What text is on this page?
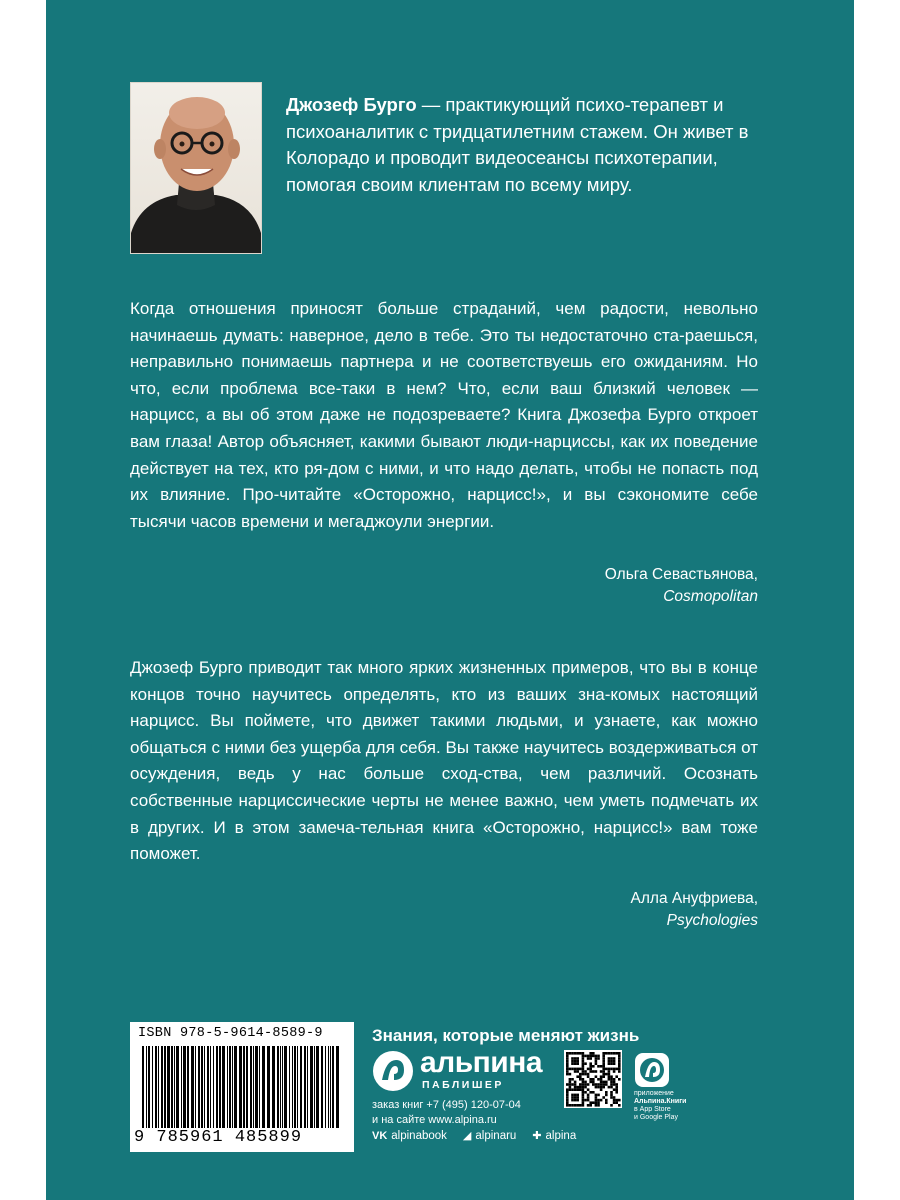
Джозеф Бурго — практикующий психо-терапевт и психоаналитик с тридцатилетним стажем. Он живет в Колорадо и проводит видеосеансы психотерапии, помогая своим клиентам по всему миру.
Когда отношения приносят больше страданий, чем радости, невольно начинаешь думать: наверное, дело в тебе. Это ты недостаточно ста-раешься, неправильно понимаешь партнера и не соответствуешь его ожиданиям. Но что, если проблема все-таки в нем? Что, если ваш близкий человек — нарцисс, а вы об этом даже не подозреваете? Книга Джозефа Бурго откроет вам глаза! Автор объясняет, какими бывают люди-нарциссы, как их поведение действует на тех, кто ря-дом с ними, и что надо делать, чтобы не попасть под их влияние. Про-читайте «Осторожно, нарцисс!», и вы сэкономите себе тысячи часов времени и мегаджоули энергии.
Ольга Севастьянова,
Cosmopolitan
Джозеф Бурго приводит так много ярких жизненных примеров, что вы в конце концов точно научитесь определять, кто из ваших зна-комых настоящий нарцисс. Вы поймете, что движет такими людьми, и узнаете, как можно общаться с ними без ущерба для себя. Вы также научитесь воздерживаться от осуждения, ведь у нас больше сход-ства, чем различий. Осознать собственные нарциссические черты не менее важно, чем уметь подмечать их в других. И в этом замеча-тельная книга «Осторожно, нарцисс!» вам тоже поможет.
Алла Ануфриева,
Psychologies
ISBN 978-5-9614-8589-9
9 785961 485899
Знания, которые меняют жизнь
альпина
ПАБЛИШЕР
заказ книг +7 (495) 120-07-04
и на сайте www.alpina.ru
приложение
Альпина.Книги
в App Store
и Google Play
VK alpinabook ◢ alpinaru ✚ alpina
